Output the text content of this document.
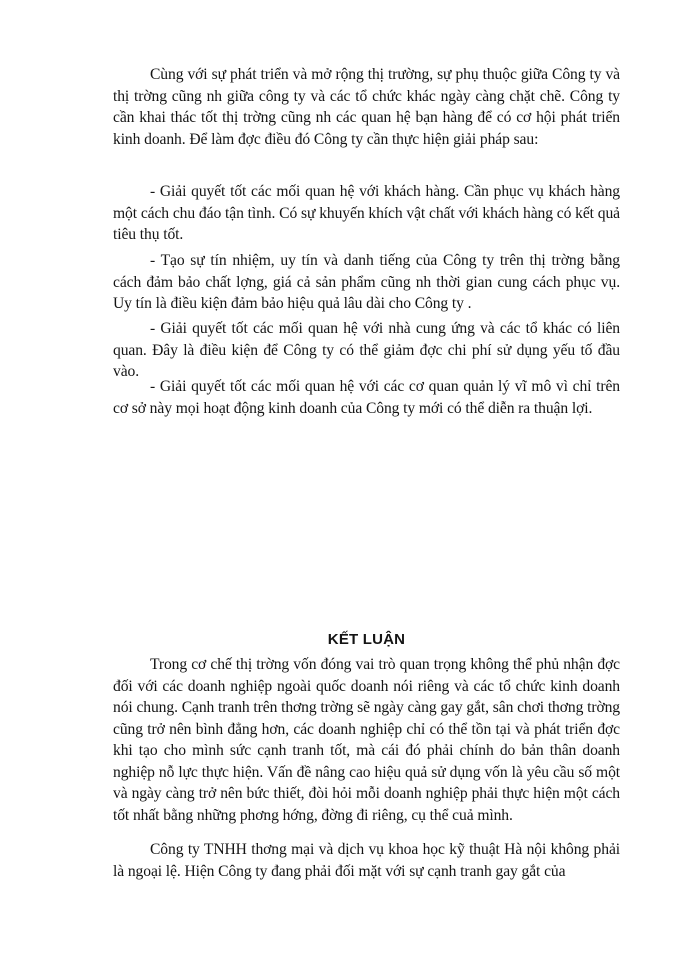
Cùng với sự phát triển và mở rộng thị trường, sự phụ thuộc giữa Công ty và thị trờng cũng nh giữa công ty và các tổ chức khác ngày càng chặt chẽ. Công ty cần khai thác tốt thị trờng cũng nh các quan hệ bạn hàng để có cơ hội phát triển kinh doanh. Để làm đợc điều đó Công ty cần thực hiện giải pháp sau:

- Giải quyết tốt các mối quan hệ với khách hàng. Cần phục vụ khách hàng một cách chu đáo tận tình. Có sự khuyến khích vật chất với khách hàng có kết quả tiêu thụ tốt.

- Tạo sự tín nhiệm, uy tín và danh tiếng của Công ty trên thị trờng bằng cách đảm bảo chất lợng, giá cả sản phẩm cũng nh thời gian cung cách phục vụ. Uy tín là điều kiện đảm bảo hiệu quả lâu dài cho Công ty .

- Giải quyết tốt các mối quan hệ với nhà cung ứng và các tổ khác có liên quan. Đây là điều kiện để Công ty có thể giảm đợc chi phí sử dụng yếu tố đầu vào.

- Giải quyết tốt các mối quan hệ với các cơ quan quản lý vĩ mô vì chỉ trên cơ sở này mọi hoạt động kinh doanh của Công ty mới có thể diễn ra thuận lợi.

KẾT LUẬN

Trong cơ chế thị trờng vốn đóng vai trò quan trọng không thể phủ nhận đợc đối với các doanh nghiệp ngoài quốc doanh nói riêng và các tổ chức kinh doanh nói chung. Cạnh tranh trên thơng trờng sẽ ngày càng gay gắt, sân chơi thơng trờng cũng trở nên bình đẳng hơn, các doanh nghiệp chỉ có thể tồn tại và phát triển đợc khi tạo cho mình sức cạnh tranh tốt, mà cái đó phải chính do bản thân doanh nghiệp nỗ lực thực hiện. Vấn đề nâng cao hiệu quả sử dụng vốn là yêu cầu số một và ngày càng trở nên bức thiết, đòi hỏi mỗi doanh nghiệp phải thực hiện một cách tốt nhất bằng những phơng hớng, đờng đi riêng, cụ thể cuả mình.

Công ty TNHH thơng mại và dịch vụ khoa học kỹ thuật Hà nội không phải là ngoại lệ. Hiện Công ty đang phải đối mặt với sự cạnh tranh gay gắt của
